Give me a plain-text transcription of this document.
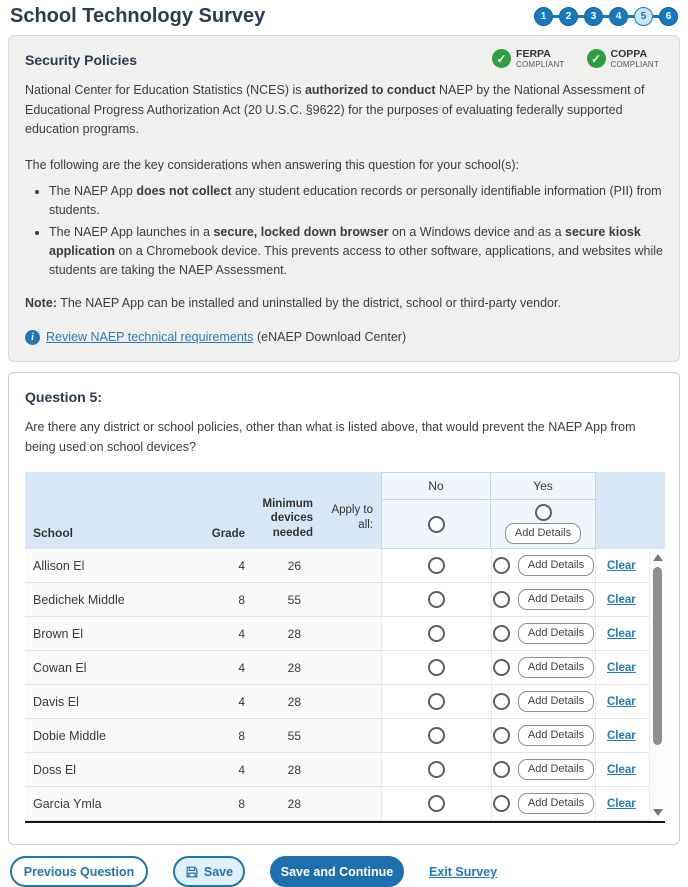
School Technology Survey	1	2	3	4	5	6
Security Policies	✓ FERPA
COMPLIANT	✓ COPPA
COMPLIANT

National Center for Education Statistics (NCES) is authorized to conduct NAEP by the National Assessment of Educational Progress Authorization Act (20 U.S.C. §9622) for the purposes of evaluating federally supported education programs.

The following are the key considerations when answering this question for your school(s):

• The NAEP App does not collect any student education records or personally identifiable information (PII) from students.
• The NAEP App launches in a secure, locked down browser on a Windows device and as a secure kiosk application on a Chromebook device. This prevents access to other software, applications, and websites while students are taking the NAEP Assessment.

Note: The NAEP App can be installed and uninstalled by the district, school or third-party vendor.

i Review NAEP technical requirements (eNAEP Download Center)
Question 5:
Are there any district or school policies, other than what is listed above, that would prevent the NAEP App from being used on school devices?
School	Grade
Minimum devices needed
Apply to all:
No	Yes
Add Details
Allison El	4	26	Add Details	Clear
Bedichek Middle	8	55	Add Details	Clear
Brown El	4	28	Add Details	Clear
Cowan El	4	28	Add Details	Clear
Davis El	4	28	Add Details	Clear
Dobie Middle	8	55	Add Details	Clear
Doss El	4	28	Add Details	Clear
Garcia Ymla	8	28	Add Details	Clear
Previous Question	Save	Save and Continue	Exit Survey
